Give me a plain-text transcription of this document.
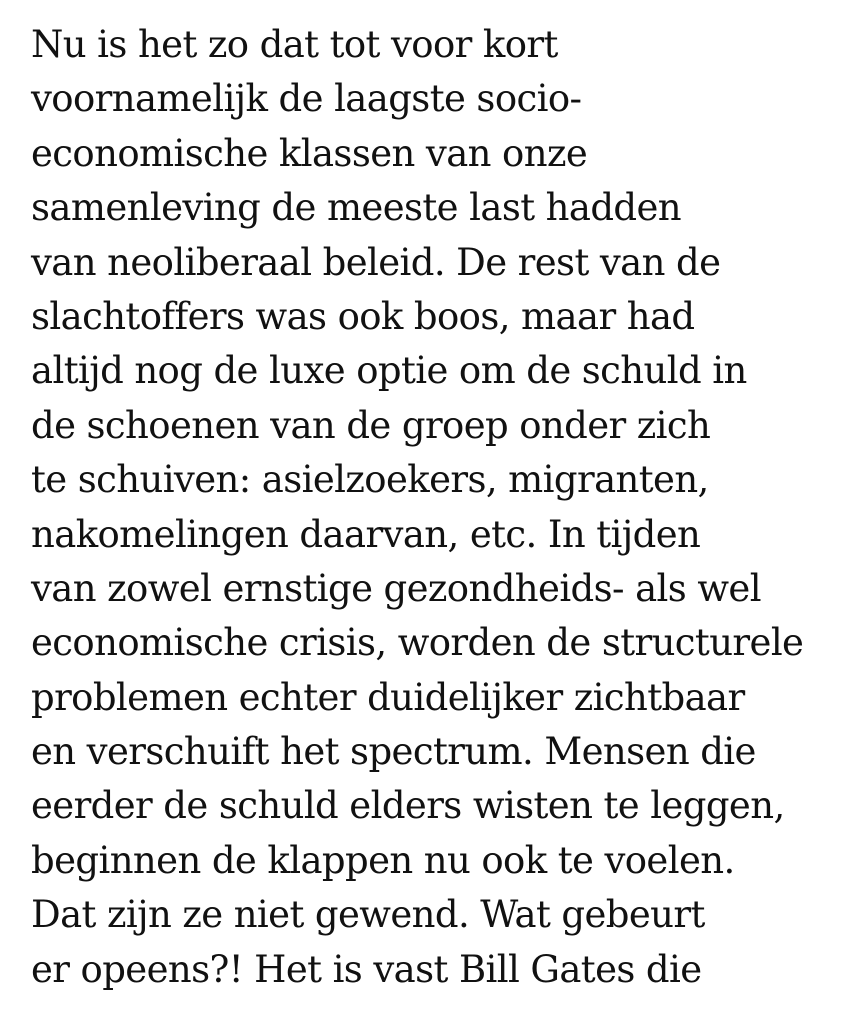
Nu is het zo dat tot voor kort
voornamelijk de laagste socio-
economische klassen van onze
samenleving de meeste last hadden
van neoliberaal beleid. De rest van de
slachtoffers was ook boos, maar had
altijd nog de luxe optie om de schuld in
de schoenen van de groep onder zich
te schuiven: asielzoekers, migranten,
nakomelingen daarvan, etc. In tijden
van zowel ernstige gezondheids- als wel
economische crisis, worden de structurele
problemen echter duidelijker zichtbaar
en verschuift het spectrum. Mensen die
eerder de schuld elders wisten te leggen,
beginnen de klappen nu ook te voelen.
Dat zijn ze niet gewend. Wat gebeurt
er opeens?! Het is vast Bill Gates die
